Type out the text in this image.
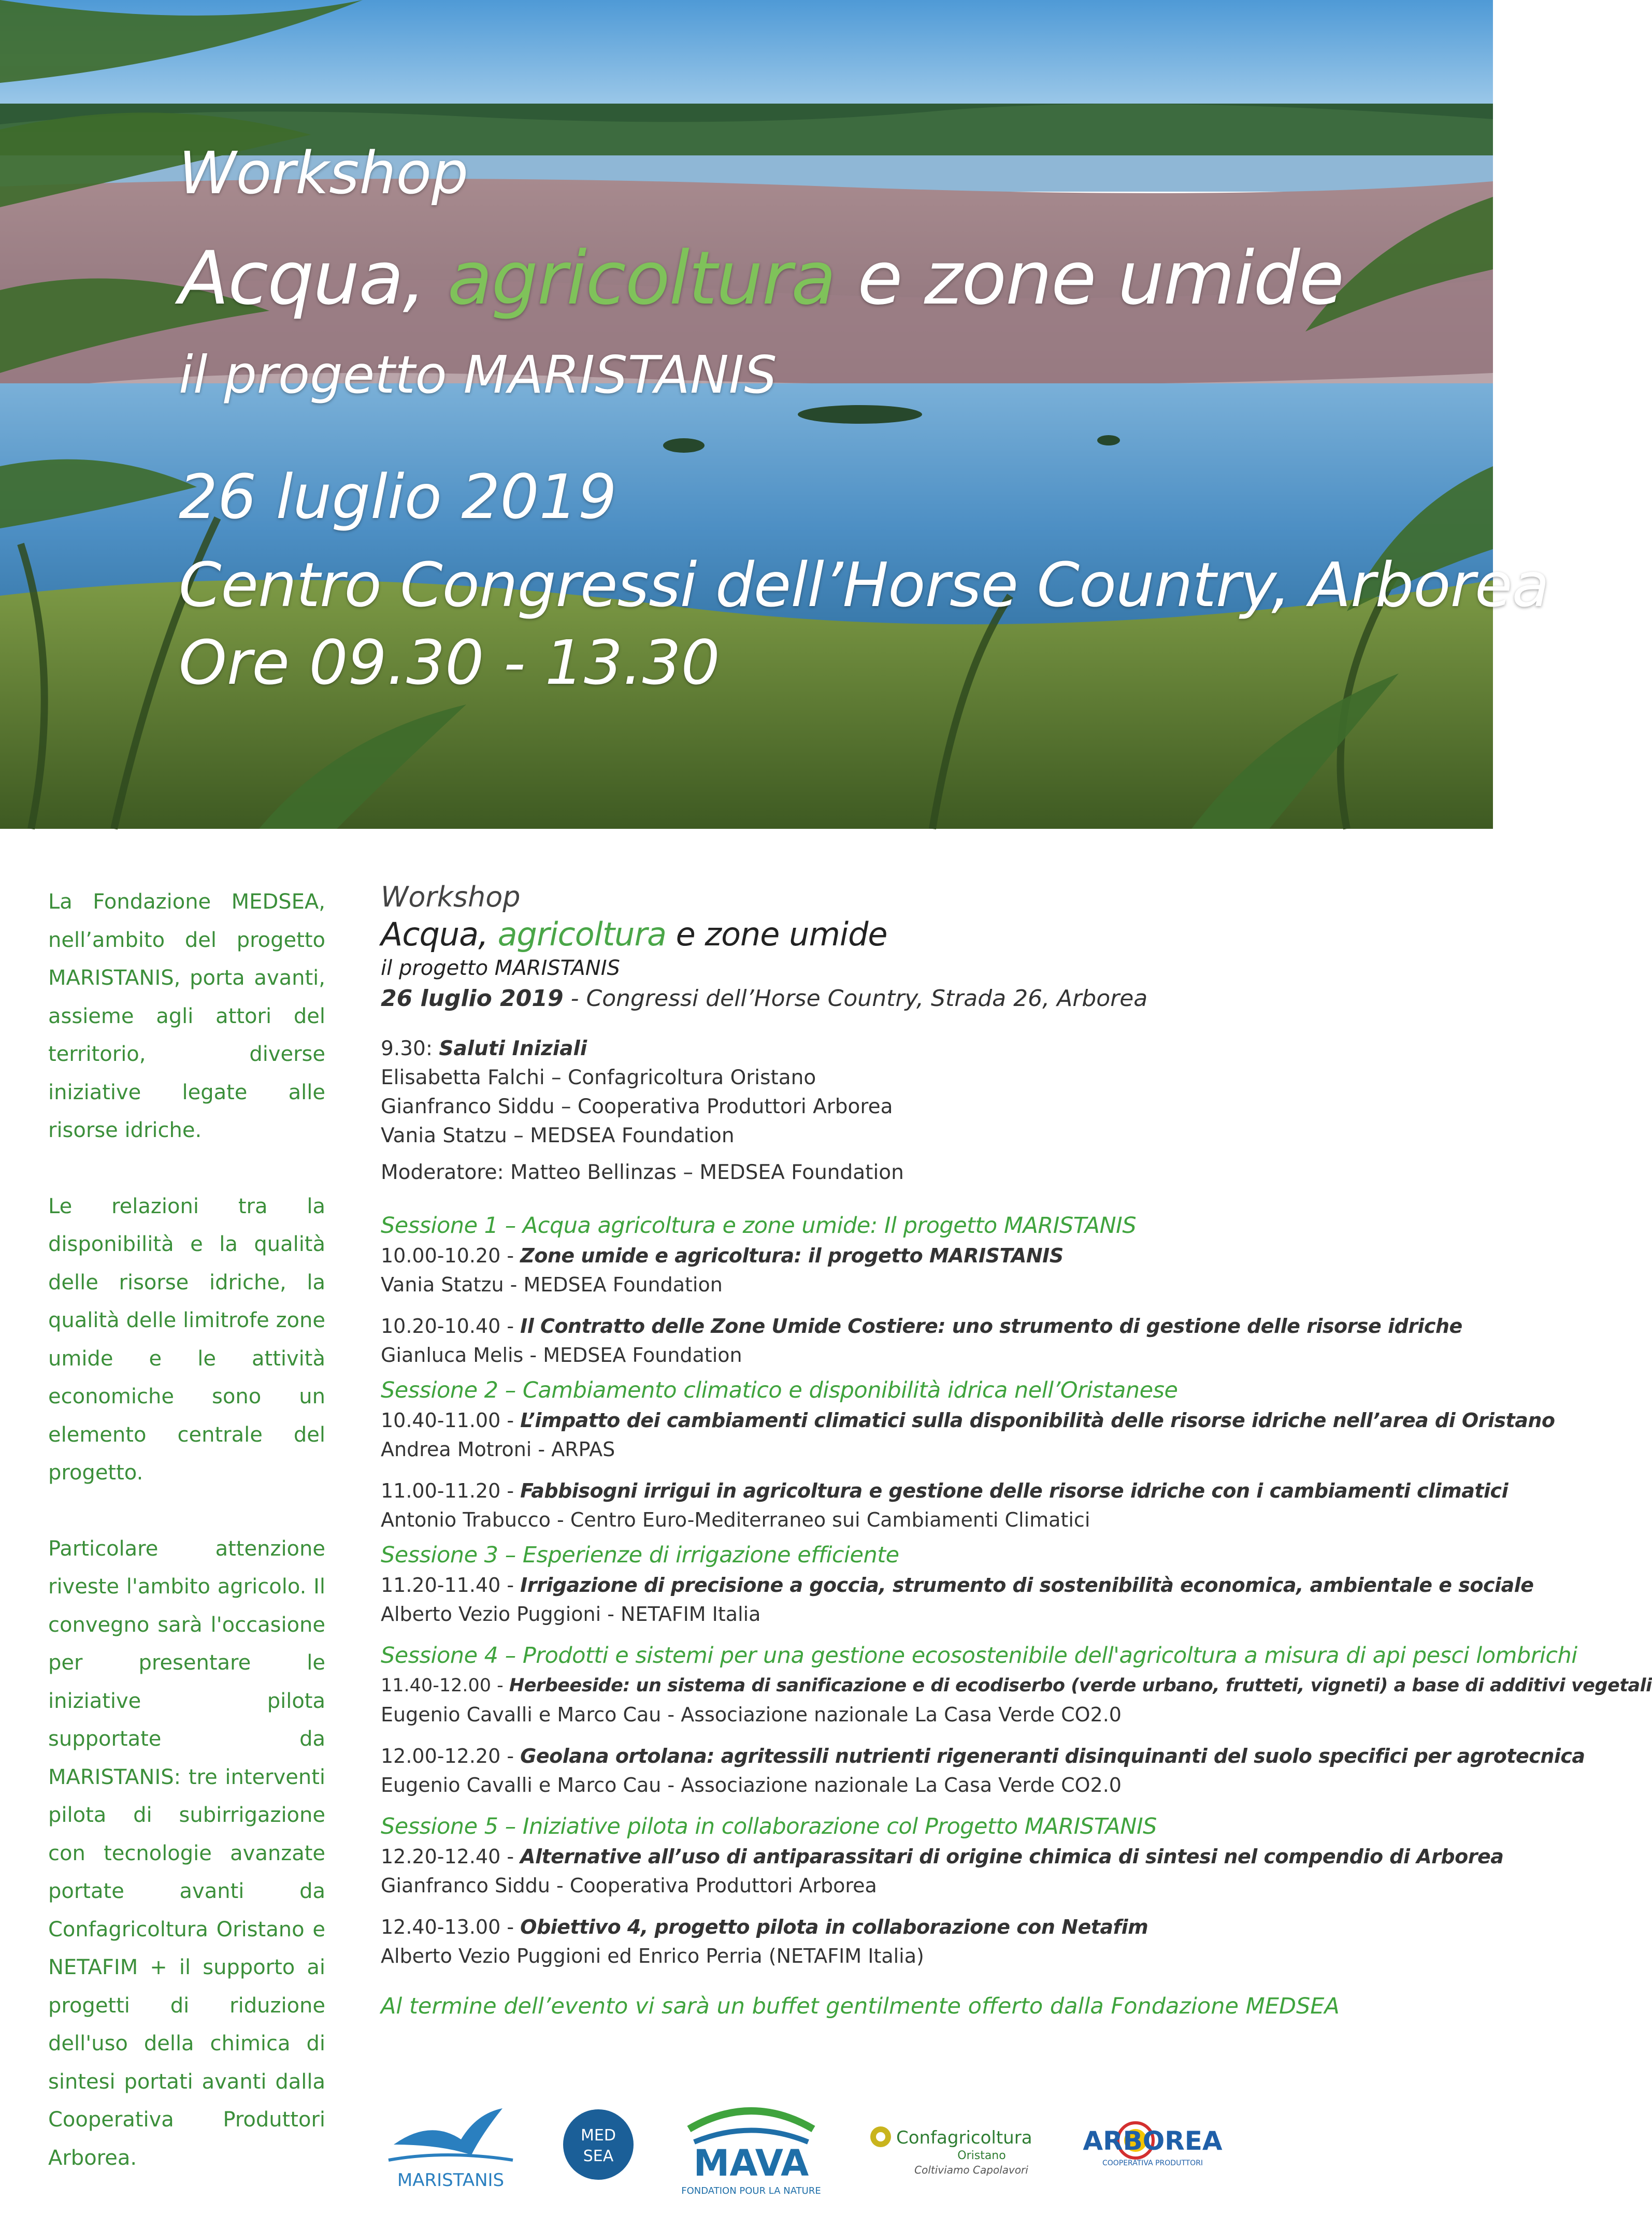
Workshop
Acqua, agricoltura e zone umide
il progetto MARISTANIS
26 luglio 2019
Centro Congressi dell’Horse Country, Arborea
Ore 09.30 - 13.30

La Fondazione MEDSEA, nell’ambito del progetto MARISTANIS, porta avanti, assieme agli attori del territorio, diverse iniziative legate alle risorse idriche.

Le relazioni tra la disponibilità e la qualità delle risorse idriche, la qualità delle limitrofe zone umide e le attività economiche sono un elemento centrale del progetto.

Particolare attenzione riveste l'ambito agricolo. Il convegno sarà l'occasione per presentare le iniziative pilota supportate da MARISTANIS: tre interventi pilota di subirrigazione con tecnologie avanzate portate avanti da Confagricoltura Oristano e NETAFIM + il supporto ai progetti di riduzione dell'uso della chimica di sintesi portati avanti dalla Cooperativa Produttori Arborea.

Workshop
Acqua, agricoltura e zone umide
il progetto MARISTANIS
26 luglio 2019 - Congressi dell’Horse Country, Strada 26, Arborea
9.30: Saluti Iniziali
Elisabetta Falchi – Confagricoltura Oristano
Gianfranco Siddu – Cooperativa Produttori Arborea
Vania Statzu – MEDSEA Foundation
Moderatore: Matteo Bellinzas – MEDSEA Foundation
Sessione 1 – Acqua agricoltura e zone umide: Il progetto MARISTANIS
10.00-10.20 - Zone umide e agricoltura: il progetto MARISTANIS
Vania Statzu - MEDSEA Foundation
10.20-10.40 - Il Contratto delle Zone Umide Costiere: uno strumento di gestione delle risorse idriche
Gianluca Melis - MEDSEA Foundation
Sessione 2 – Cambiamento climatico e disponibilità idrica nell’Oristanese
10.40-11.00 - L’impatto dei cambiamenti climatici sulla disponibilità delle risorse idriche nell’area di Oristano
Andrea Motroni - ARPAS
11.00-11.20 - Fabbisogni irrigui in agricoltura e gestione delle risorse idriche con i cambiamenti climatici
Antonio Trabucco - Centro Euro-Mediterraneo sui Cambiamenti Climatici
Sessione 3 – Esperienze di irrigazione efficiente
11.20-11.40 - Irrigazione di precisione a goccia, strumento di sostenibilità economica, ambientale e sociale
Alberto Vezio Puggioni - NETAFIM Italia
Sessione 4 – Prodotti e sistemi per una gestione ecosostenibile dell'agricoltura a misura di api pesci lombrichi
11.40-12.00 - Herbeeside: un sistema di sanificazione e di ecodiserbo (verde urbano, frutteti, vigneti) a base di additivi vegetali
Eugenio Cavalli e Marco Cau - Associazione nazionale La Casa Verde CO2.0
12.00-12.20 - Geolana ortolana: agritessili nutrienti rigeneranti disinquinanti del suolo specifici per agrotecnica
Eugenio Cavalli e Marco Cau - Associazione nazionale La Casa Verde CO2.0
Sessione 5 – Iniziative pilota in collaborazione col Progetto MARISTANIS
12.20-12.40 - Alternative all’uso di antiparassitari di origine chimica di sintesi nel compendio di Arborea
Gianfranco Siddu - Cooperativa Produttori Arborea
12.40-13.00 - Obiettivo 4, progetto pilota in collaborazione con Netafim
Alberto Vezio Puggioni ed Enrico Perria (NETAFIM Italia)
Al termine dell’evento vi sarà un buffet gentilmente offerto dalla Fondazione MEDSEA
MARISTANIS
MED
SEA MAVA
FONDATION POUR LA NATURE
Confagricoltura
Oristano
Coltiviamo Capolavori
ARBOREA
COOPERATIVA PRODUTTORI
